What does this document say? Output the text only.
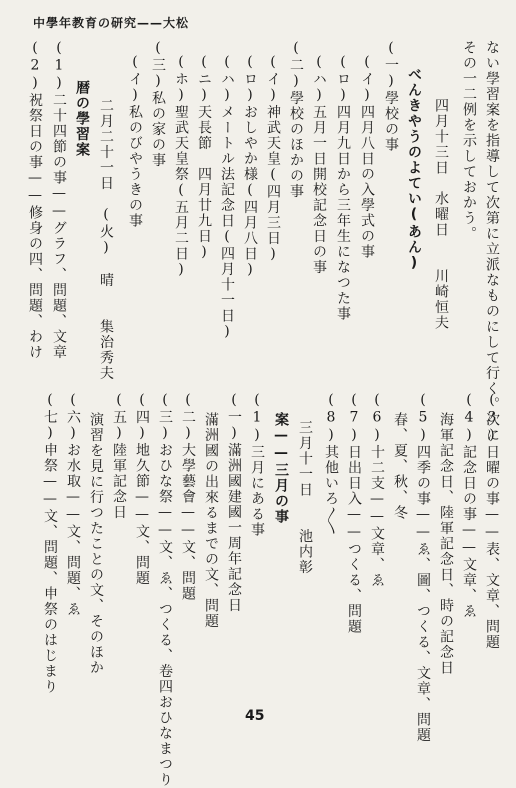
中學年教育の研究——大松
ない學習案を指導して次第に立派なものにして行く。次に
その一二例を示しておかう。
四月十三日　水曜日　　川崎恒夫
べんきやうのよてい(あん)
(一)學校の事
(イ)四月八日の入學式の事
(ロ)四月九日から三年生になつた事
(ハ)五月一日開校記念日の事
(二)學校のほかの事
(イ)神武天皇(四月三日)
(ロ)おしやか様(四月八日)
(ハ)メートル法記念日(四月十一日)
(ニ)天長節　四月廿九日)
(ホ)聖武天皇祭(五月二日)
(三)私の家の事
(イ)私のびやうきの事
二月二十一日　(火)　晴　　集治秀夫
暦の學習案
(1)二十四節の事——グラフ、問題、文章
(2)祝祭日の事——修身の四、問題、わけ
(3)日曜の事——表、文章、問題
(4)記念日の事——文章、ゑ
海軍記念日、陸軍記念日、時の記念日
(5)四季の事——ゑ、圖、つくる、文章、問題
春、夏、秋、冬
(6)十二支——文章、ゑ
(7)日出日入——つくる、問題
(8)其他いろ〳〵
三月十一日　　池内彰
案——三月の事
(1)三月にある事
(一)滿洲國建國一周年記念日
滿洲國の出來るまでの文、問題
(二)大學藝會——文、問題
(三)おひな祭——文、ゑ、つくる、卷四おひなまつり
(四)地久節——文、問題
(五)陸軍記念日
演習を見に行つたことの文、そのほか
(六)お水取——文、問題、ゑ
(七)申祭——文、問題、申祭のはじまり
45
